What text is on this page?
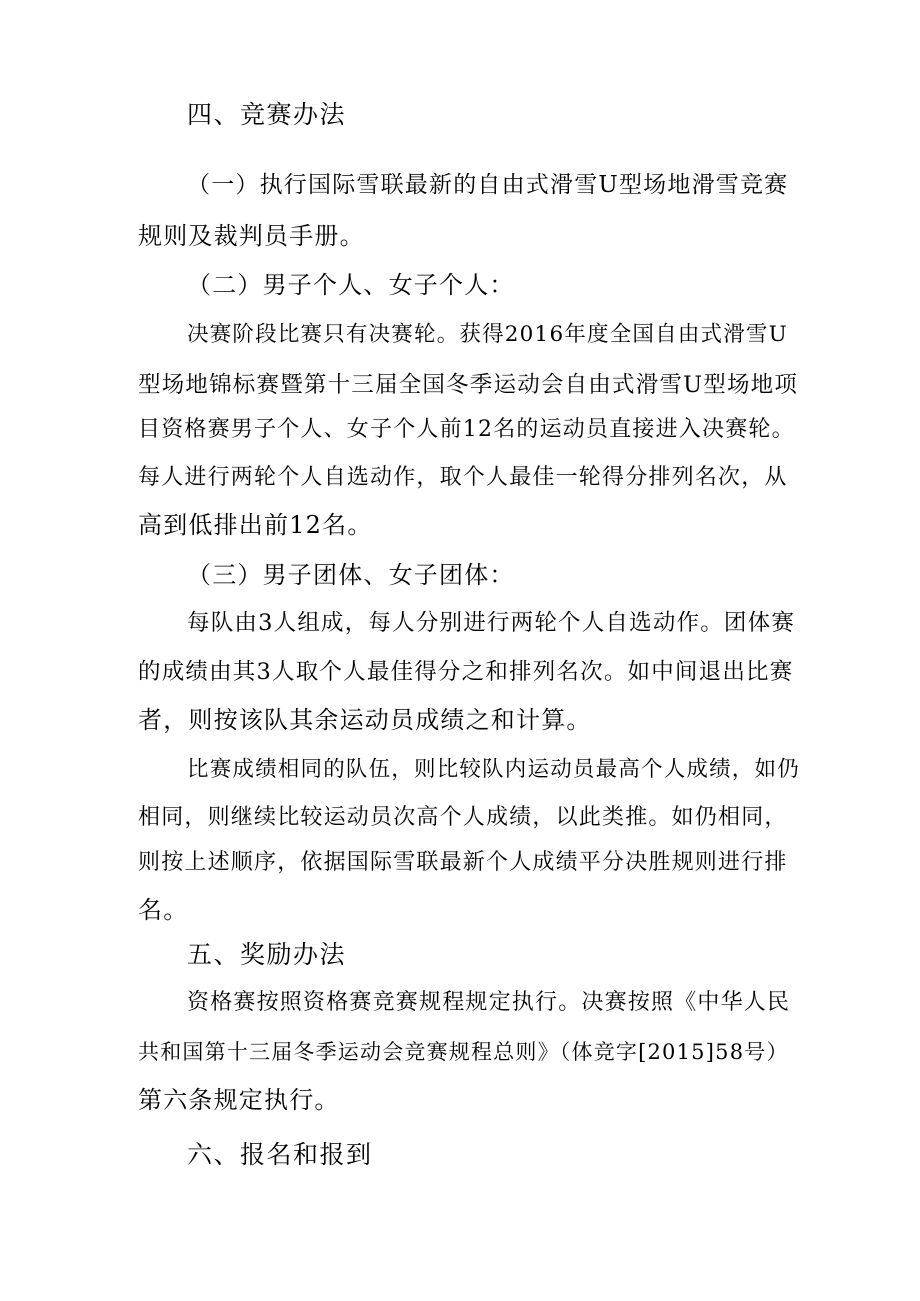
四、竞赛办法
（一）执行国际雪联最新的自由式滑雪U型场地滑雪竞赛
规则及裁判员手册。
（二）男子个人、女子个人：
决赛阶段比赛只有决赛轮。获得2016年度全国自由式滑雪U
型场地锦标赛暨第十三届全国冬季运动会自由式滑雪U型场地项
目资格赛男子个人、女子个人前12名的运动员直接进入决赛轮。
每人进行两轮个人自选动作，取个人最佳一轮得分排列名次，从
高到低排出前12名。
（三）男子团体、女子团体：
每队由3人组成，每人分别进行两轮个人自选动作。团体赛
的成绩由其3人取个人最佳得分之和排列名次。如中间退出比赛
者，则按该队其余运动员成绩之和计算。
比赛成绩相同的队伍，则比较队内运动员最高个人成绩，如仍
相同，则继续比较运动员次高个人成绩，以此类推。如仍相同，
则按上述顺序，依据国际雪联最新个人成绩平分决胜规则进行排
名。
五、奖励办法
资格赛按照资格赛竞赛规程规定执行。决赛按照《中华人民
共和国第十三届冬季运动会竞赛规程总则》（体竞字[2015]58号）
第六条规定执行。
六、报名和报到
